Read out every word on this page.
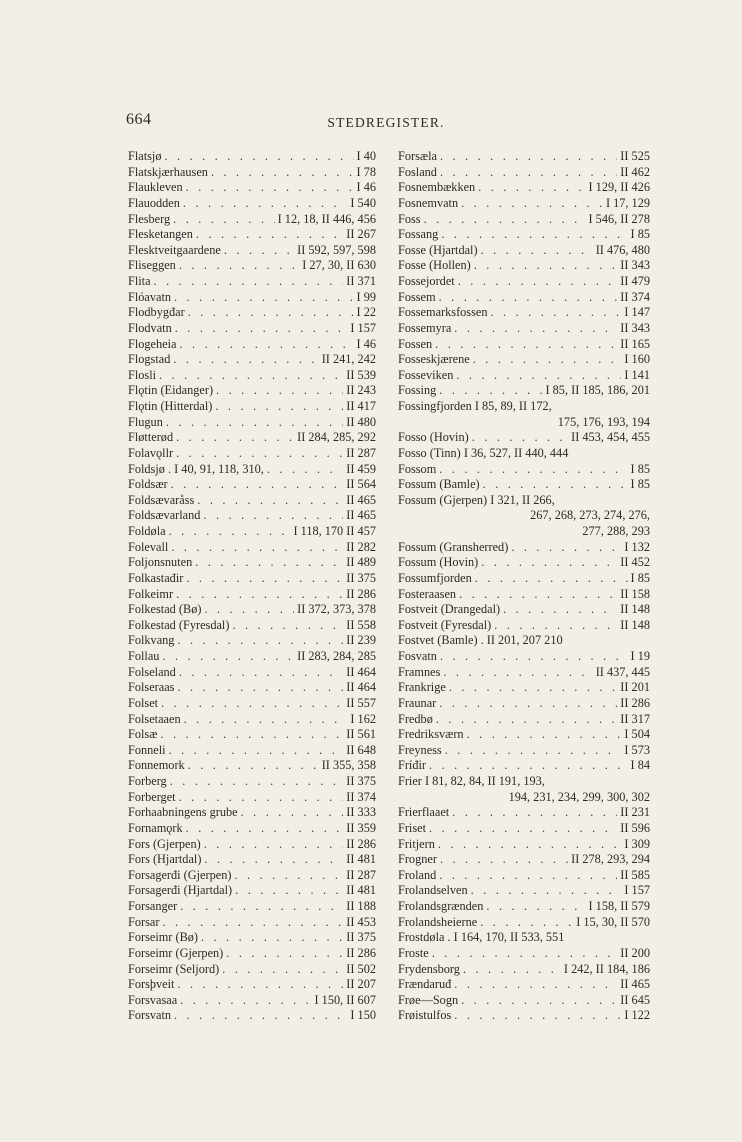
664	STEDREGISTER.
Flatsjø . . .	I 40
Flatskjærhausen . . .	I 78
Flaukleven . . .	I 46
Flauodden . . .	I 540
Flesberg . . .	I 12, 18, II 446, 456
Flesketangen . . .	II 267
Flesktveitgaardene . . .	II 592, 597, 598
Fliseggen . . .	I 27, 30, II 630
Flita . . .	II 371
Flóavatn . . .	I 99
Flodbygđar . . .	I 22
Flodvatn . . .	I 157
Flogeheia . . .	I 46
Flogstad . . .	II 241, 242
Flosli . . .	II 539
Flǫtin (Eidanger) . . .	II 243
Flǫtin (Hitterdal) . . .	II 417
Flugun . . .	II 480
Fløtterød . . .	II 284, 285, 292
Folavǫllr . . .	II 287
Foldsjø . I 40, 91, 118, 310, . . .	II 459
Foldsær . . .	II 564
Foldsævaråss . . .	II 465
Foldsævarland . . .	II 465
Foldøla . . .	I 118, 170 II 457
Folevall . . .	II 282
Foljonsnuten . . .	II 489
Folkastađir . . .	II 375
Folkeimr . . .	II 286
Folkestad (Bø) . . .	II 372, 373, 378
Folkestad (Fyresdal) . . .	II 558
Folkvang . . .	II 239
Follau . . .	II 283, 284, 285
Folseland . . .	II 464
Folseraas . . .	II 464
Folset . . .	II 557
Folsetaaen . . .	I 162
Folsæ . . .	II 561
Fonneli . . .	II 648
Fonnemork . . .	II 355, 358
Forberg . . .	II 375
Forberget . . .	II 374
Forhaabningens grube . . .	II 333
Fornamǫrk . . .	II 359
Fors (Gjerpen) . . .	II 286
Fors (Hjartdal) . . .	II 481
Forsagerđi (Gjerpen) . . .	II 287
Forsagerđi (Hjartdal) . . .	II 481
Forsanger . . .	II 188
Forsar . . .	II 453
Forseimr (Bø) . . .	II 375
Forseimr (Gjerpen) . . .	II 286
Forseimr (Seljord) . . .	II 502
Forsþveit . . .	II 207
Forsvasaa . . .	I 150, II 607
Forsvatn . . .	I 150
Forsæla . . .	II 525
Fosland . . .	II 462
Fosnembækken . . .	I 129, II 426
Fosnemvatn . . .	I 17, 129
Foss . . .	I 546, II 278
Fossang . . .	I 85
Fosse (Hjartdal) . . .	II 476, 480
Fosse (Hollen) . . .	II 343
Fossejordet . . .	II 479
Fossem . . .	II 374
Fossemarksfossen . . .	I 147
Fossemyra . . .	II 343
Fossen . . .	II 165
Fosseskjærene . . .	I 160
Fosseviken . . .	I 141
Fossing . . .	I 85, II 185, 186, 201
Fossingfjorden I 85, 89, II 172,
175, 176, 193, 194
Fosso (Hovin) . . .	II 453, 454, 455
Fosso (Tinn) I 36, 527, II 440, 444
Fossom . . .	I 85
Fossum (Bamle) . . .	I 85
Fossum (Gjerpen) I 321, II 266,
267, 268, 273, 274, 276,
277, 288, 293
Fossum (Gransherred) . . .	I 132
Fossum (Hovin) . . .	II 452
Fossumfjorden . . .	I 85
Fosteraasen . . .	II 158
Fostveit (Drangedal) . . .	II 148
Fostveit (Fyresdal) . . .	II 148
Fostvet (Bamle) . II 201, 207 210
Fosvatn . . .	I 19
Framnes . . .	II 437, 445
Frankrige . . .	II 201
Fraunar . . .	II 286
Fredbø . . .	II 317
Fredriksværn . . .	I 504
Freyness . . .	I 573
Fríđir . . .	I 84
Frier I 81, 82, 84, II 191, 193,
194, 231, 234, 299, 300, 302
Frierflaaet . . .	II 231
Friset . . .	II 596
Fritjern . . .	I 309
Frogner . . .	II 278, 293, 294
Froland . . .	II 585
Frolandselven . . .	I 157
Frolandsgrænden . . .	I 158, II 579
Frolandsheierne . . .	I 15, 30, II 570
Frostdøla . I 164, 170, II 533, 551
Froste . . .	II 200
Frydensborg . . .	I 242, II 184, 186
Frændaruđ . . .	II 465
Frøe—Sogn . . .	II 645
Frøistulfos . . .	I 122
